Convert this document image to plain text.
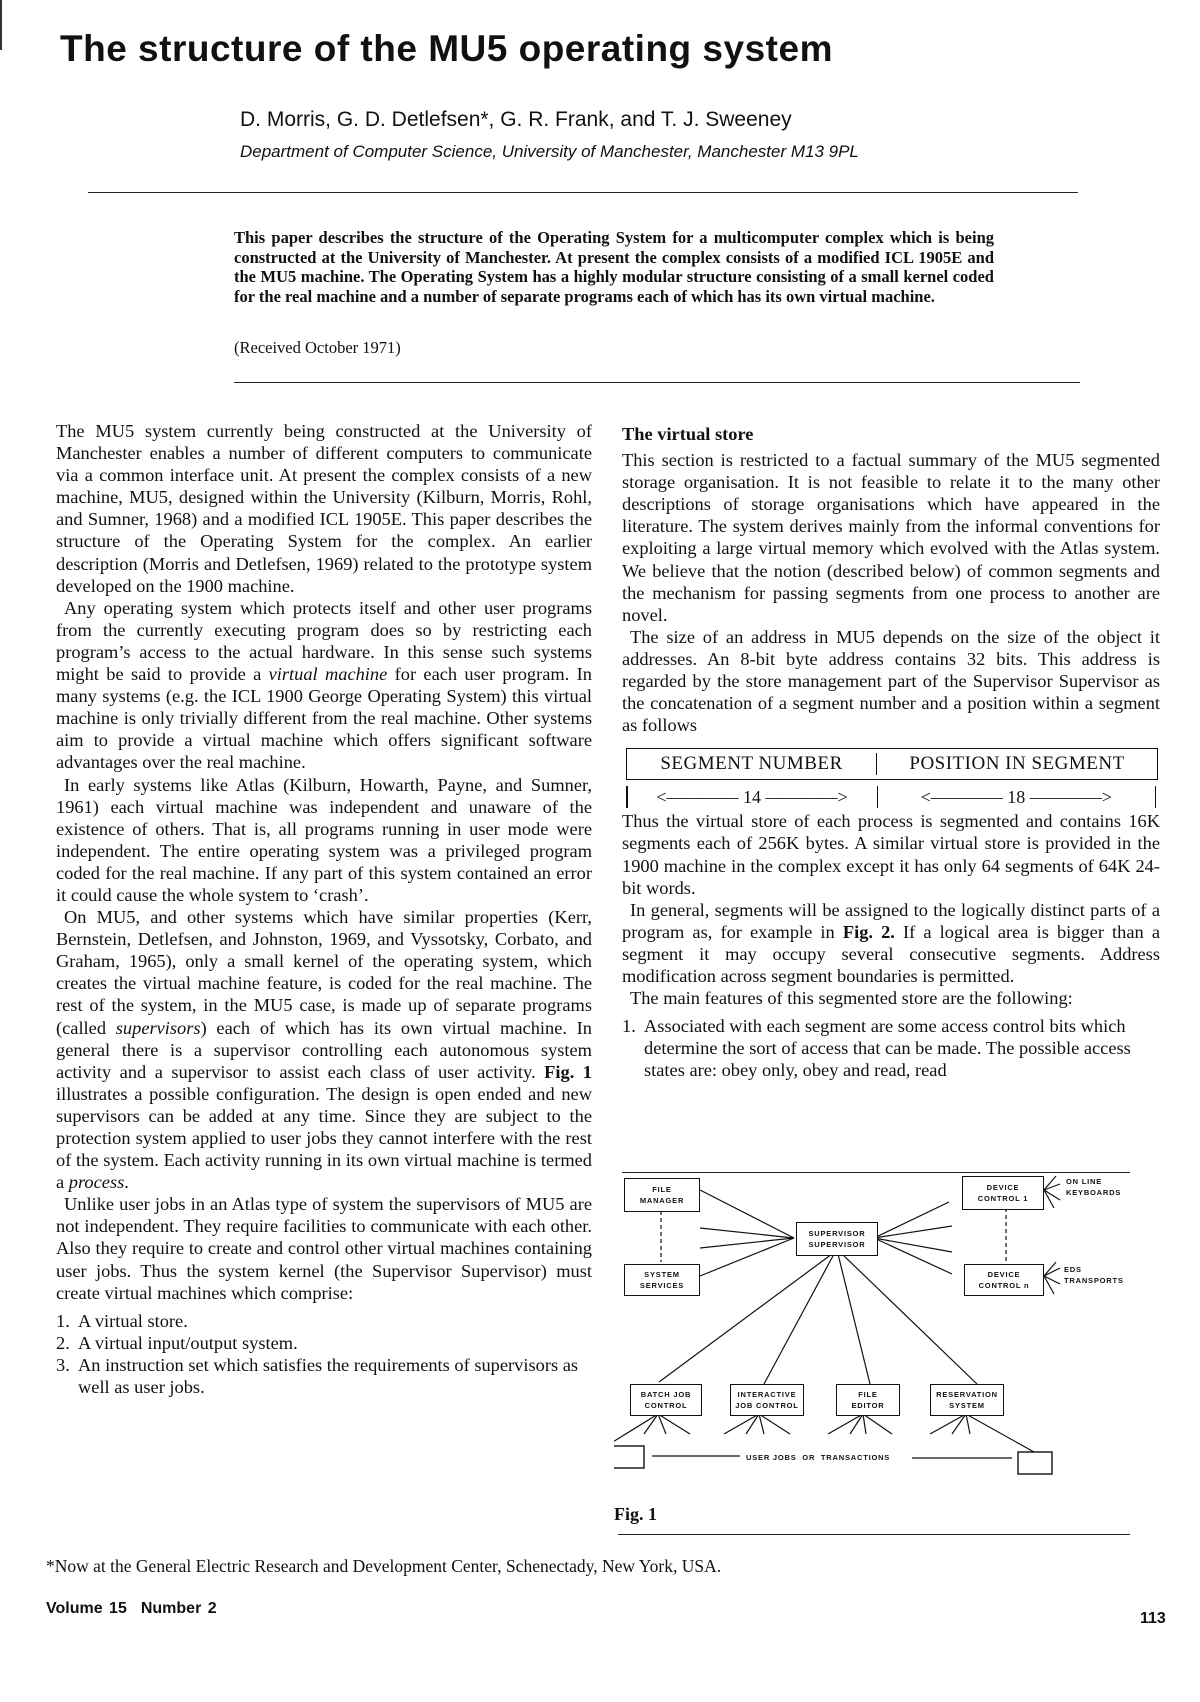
The structure of the MU5 operating system
D. Morris, G. D. Detlefsen*, G. R. Frank, and T. J. Sweeney
Department of Computer Science, University of Manchester, Manchester M13 9PL
This paper describes the structure of the Operating System for a multicomputer complex which is being constructed at the University of Manchester. At present the complex consists of a modified ICL 1905E and the MU5 machine. The Operating System has a highly modular structure consisting of a small kernel coded for the real machine and a number of separate programs each of which has its own virtual machine.
(Received October 1971)

The MU5 system currently being constructed at the University of Manchester enables a number of different computers to communicate via a common interface unit. At present the complex consists of a new machine, MU5, designed within the University (Kilburn, Morris, Rohl, and Sumner, 1968) and a modified ICL 1905E. This paper describes the structure of the Operating System for the complex. An earlier description (Morris and Detlefsen, 1969) related to the prototype system developed on the 1900 machine.

Any operating system which protects itself and other user programs from the currently executing program does so by restricting each program’s access to the actual hardware. In this sense such systems might be said to provide a virtual machine for each user program. In many systems (e.g. the ICL 1900 George Operating System) this virtual machine is only trivially different from the real machine. Other systems aim to provide a virtual machine which offers significant software advantages over the real machine.

In early systems like Atlas (Kilburn, Howarth, Payne, and Sumner, 1961) each virtual machine was independent and unaware of the existence of others. That is, all programs running in user mode were independent. The entire operating system was a privileged program coded for the real machine. If any part of this system contained an error it could cause the whole system to ‘crash’.

On MU5, and other systems which have similar properties (Kerr, Bernstein, Detlefsen, and Johnston, 1969, and Vyssotsky, Corbato, and Graham, 1965), only a small kernel of the operating system, which creates the virtual machine feature, is coded for the real machine. The rest of the system, in the MU5 case, is made up of separate programs (called supervisors) each of which has its own virtual machine. In general there is a supervisor controlling each autonomous system activity and a supervisor to assist each class of user activity. Fig. 1 illustrates a possible configuration. The design is open ended and new supervisors can be added at any time. Since they are subject to the protection system applied to user jobs they cannot interfere with the rest of the system. Each activity running in its own virtual machine is termed a process.

Unlike user jobs in an Atlas type of system the supervisors of MU5 are not independent. They require facilities to communicate with each other. Also they require to create and control other virtual machines containing user jobs. Thus the system kernel (the Supervisor Supervisor) must create virtual machines which comprise:

1. A virtual store.
2. A virtual input/output system.
3. An instruction set which satisfies the requirements of supervisors as well as user jobs.
The virtual store

This section is restricted to a factual summary of the MU5 segmented storage organisation. It is not feasible to relate it to the many other descriptions of storage organisations which have appeared in the literature. The system derives mainly from the informal conventions for exploiting a large virtual memory which evolved with the Atlas system. We believe that the notion (described below) of common segments and the mechanism for passing segments from one process to another are novel.

The size of an address in MU5 depends on the size of the object it addresses. An 8-bit byte address contains 32 bits. This address is regarded by the store management part of the Supervisor Supervisor as the concatenation of a segment number and a position within a segment as follows

SEGMENT NUMBER	POSITION IN SEGMENT
<———— 14 ————>	<———— 18 ————>

Thus the virtual store of each process is segmented and contains 16K segments each of 256K bytes. A similar virtual store is provided in the 1900 machine in the complex except it has only 64 segments of 64K 24-bit words.

In general, segments will be assigned to the logically distinct parts of a program as, for example in Fig. 2. If a logical area is bigger than a segment it may occupy several consecutive segments. Address modification across segment boundaries is permitted.

The main features of this segmented store are the following:

1. Associated with each segment are some access control bits which determine the sort of access that can be made. The possible access states are: obey only, obey and read, read
FILE
MANAGER
SYSTEM
SERVICES
SUPERVISOR
SUPERVISOR
DEVICE
CONTROL 1
DEVICE
CONTROL n
ON LINE
KEYBOARDS
EDS
TRANSPORTS
BATCH JOB
CONTROL
INTERACTIVE
JOB CONTROL
FILE
EDITOR
RESERVATION
SYSTEM
USER JOBS  OR  TRANSACTIONS
Fig. 1
*Now at the General Electric Research and Development Center, Schenectady, New York, USA.
Volume 15 Number 2
113
